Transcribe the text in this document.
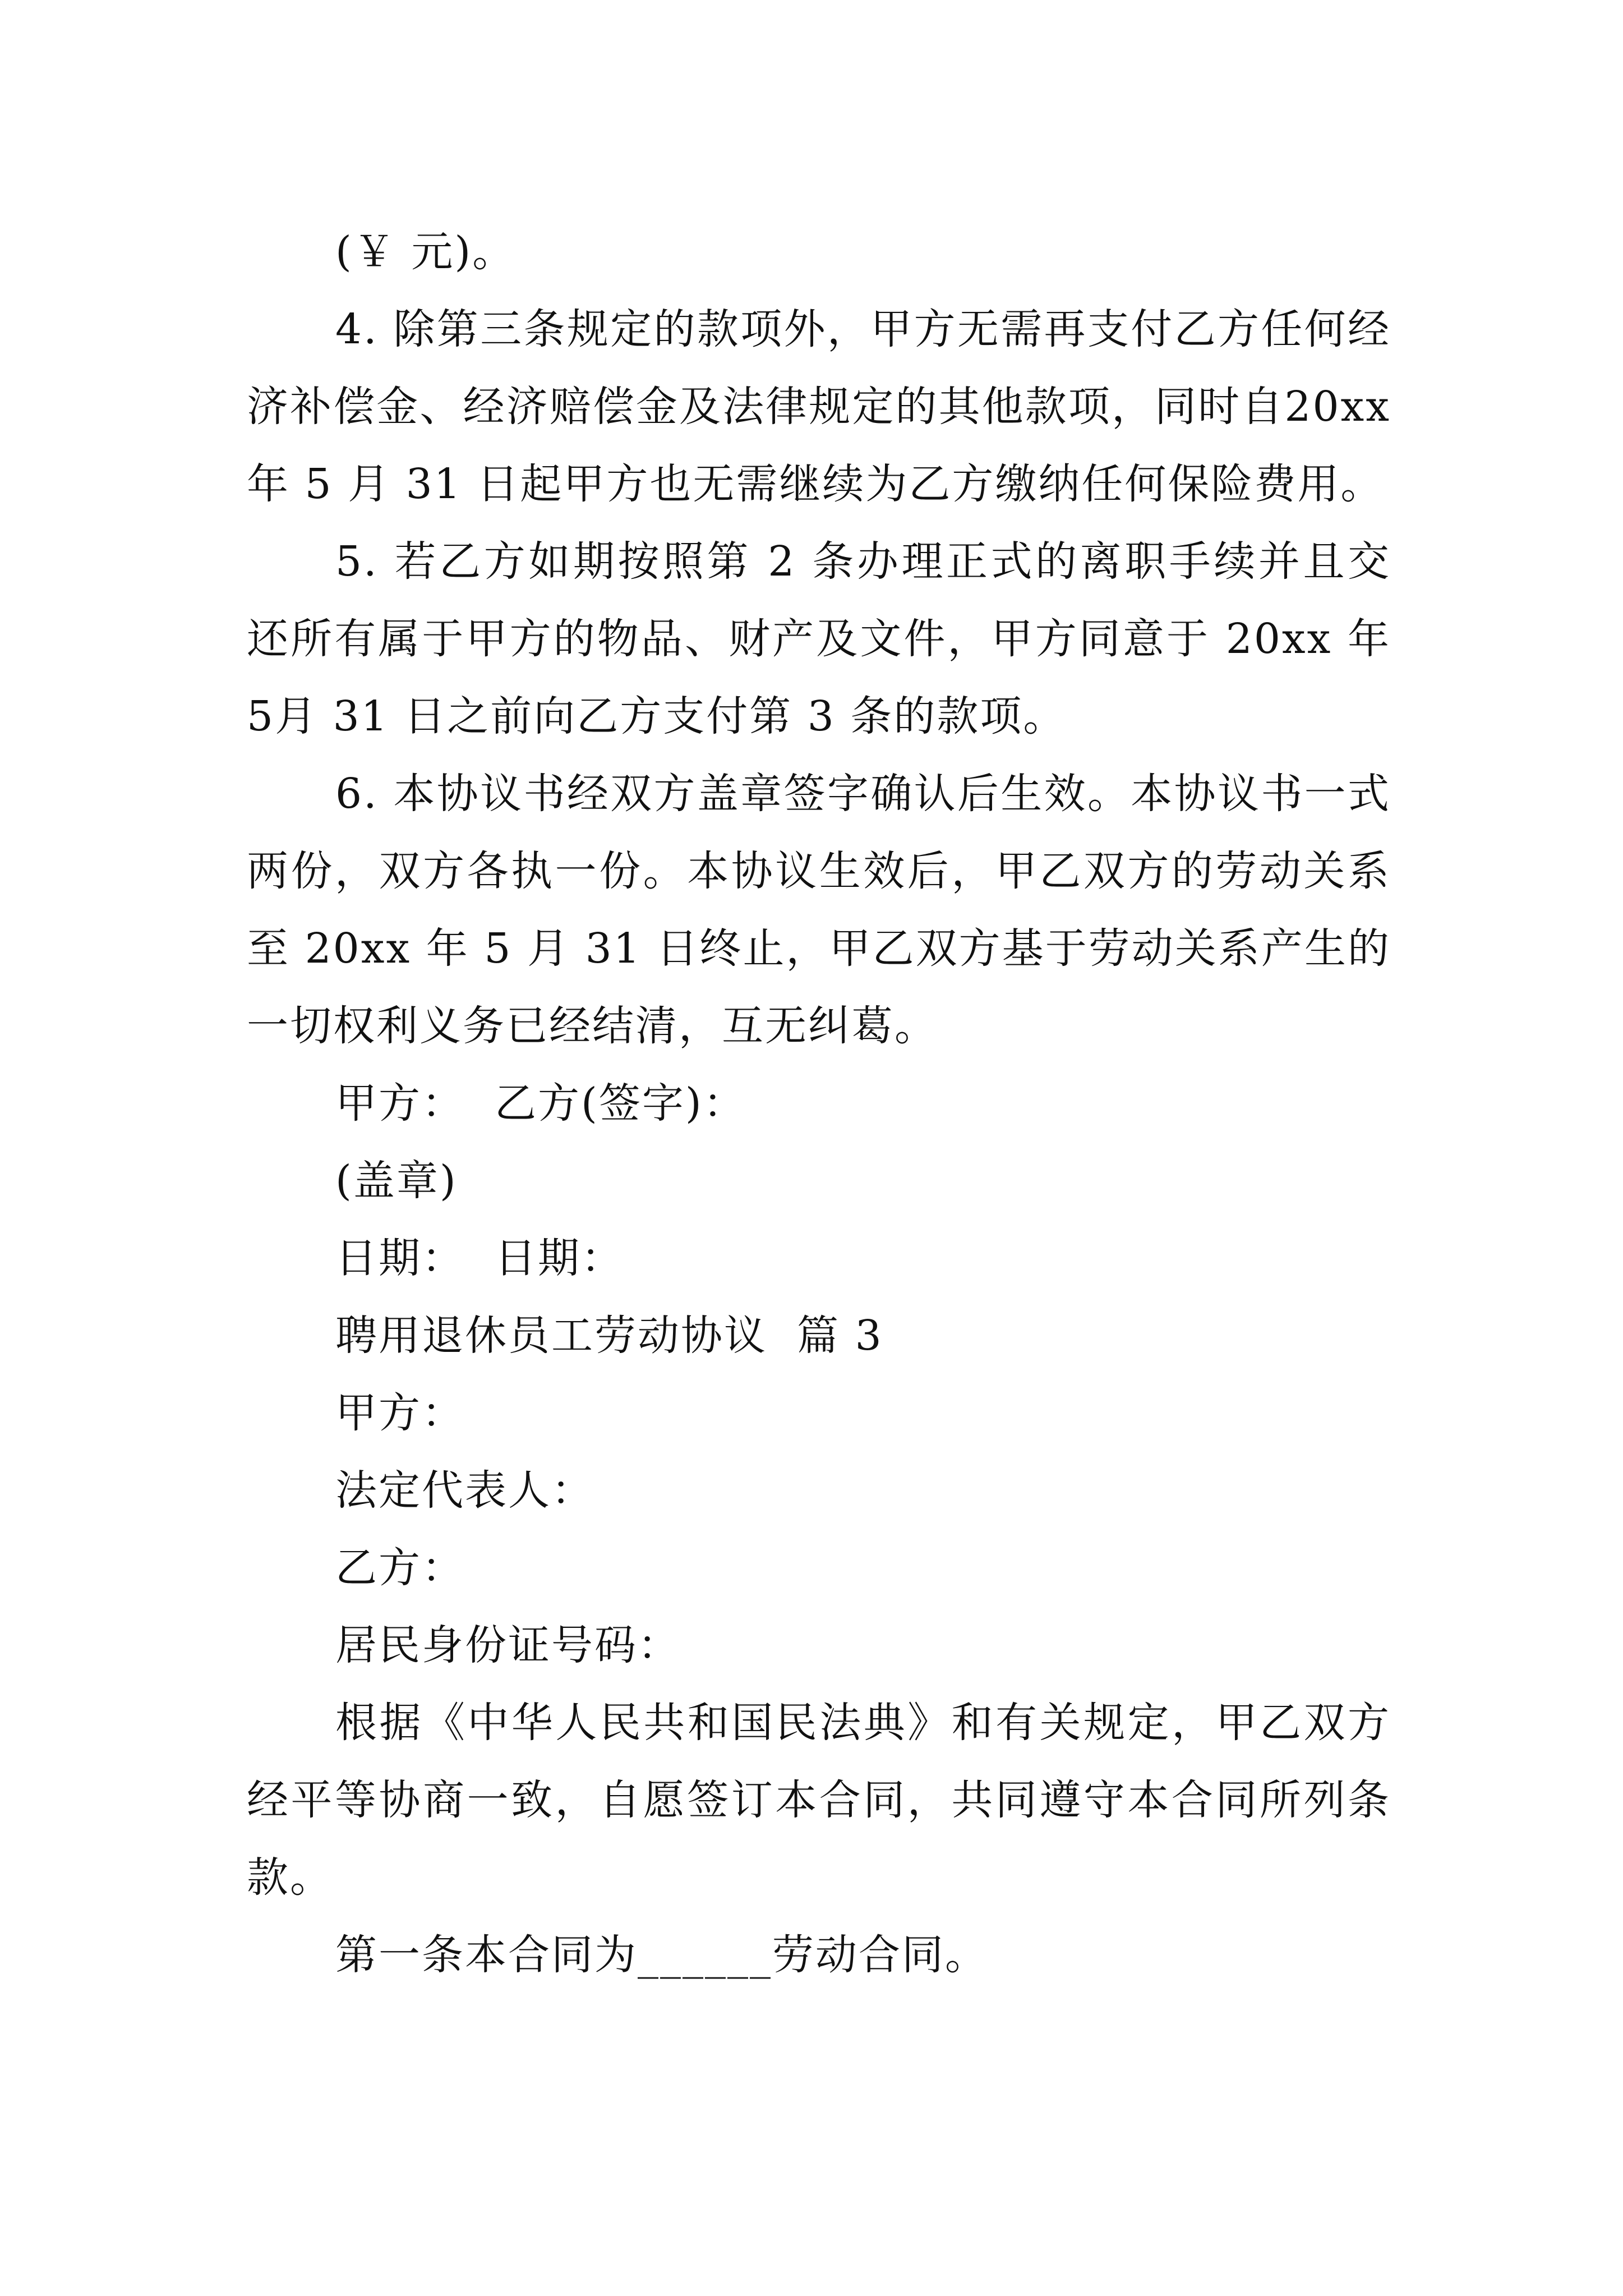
(￥ 元)。

4. 除第三条规定的款项外，甲方无需再支付乙方任何经济补偿金、经济赔偿金及法律规定的其他款项，同时自20xx 年 5 月 31 日起甲方也无需继续为乙方缴纳任何保险费用。

5. 若乙方如期按照第 2 条办理正式的离职手续并且交还所有属于甲方的物品、财产及文件，甲方同意于 20xx 年 5月 31 日之前向乙方支付第 3 条的款项。

6. 本协议书经双方盖章签字确认后生效。本协议书一式两份，双方各执一份。本协议生效后，甲乙双方的劳动关系至 20xx 年 5 月 31 日终止，甲乙双方基于劳动关系产生的一切权利义务已经结清，互无纠葛。

甲方：  乙方(签字)：

(盖章)

日期：  日期：

聘用退休员工劳动协议  篇 3

甲方：

法定代表人：

乙方：

居民身份证号码：

根据《中华人民共和国民法典》和有关规定，甲乙双方经平等协商一致，自愿签订本合同，共同遵守本合同所列条款。

第一条本合同为______劳动合同。
